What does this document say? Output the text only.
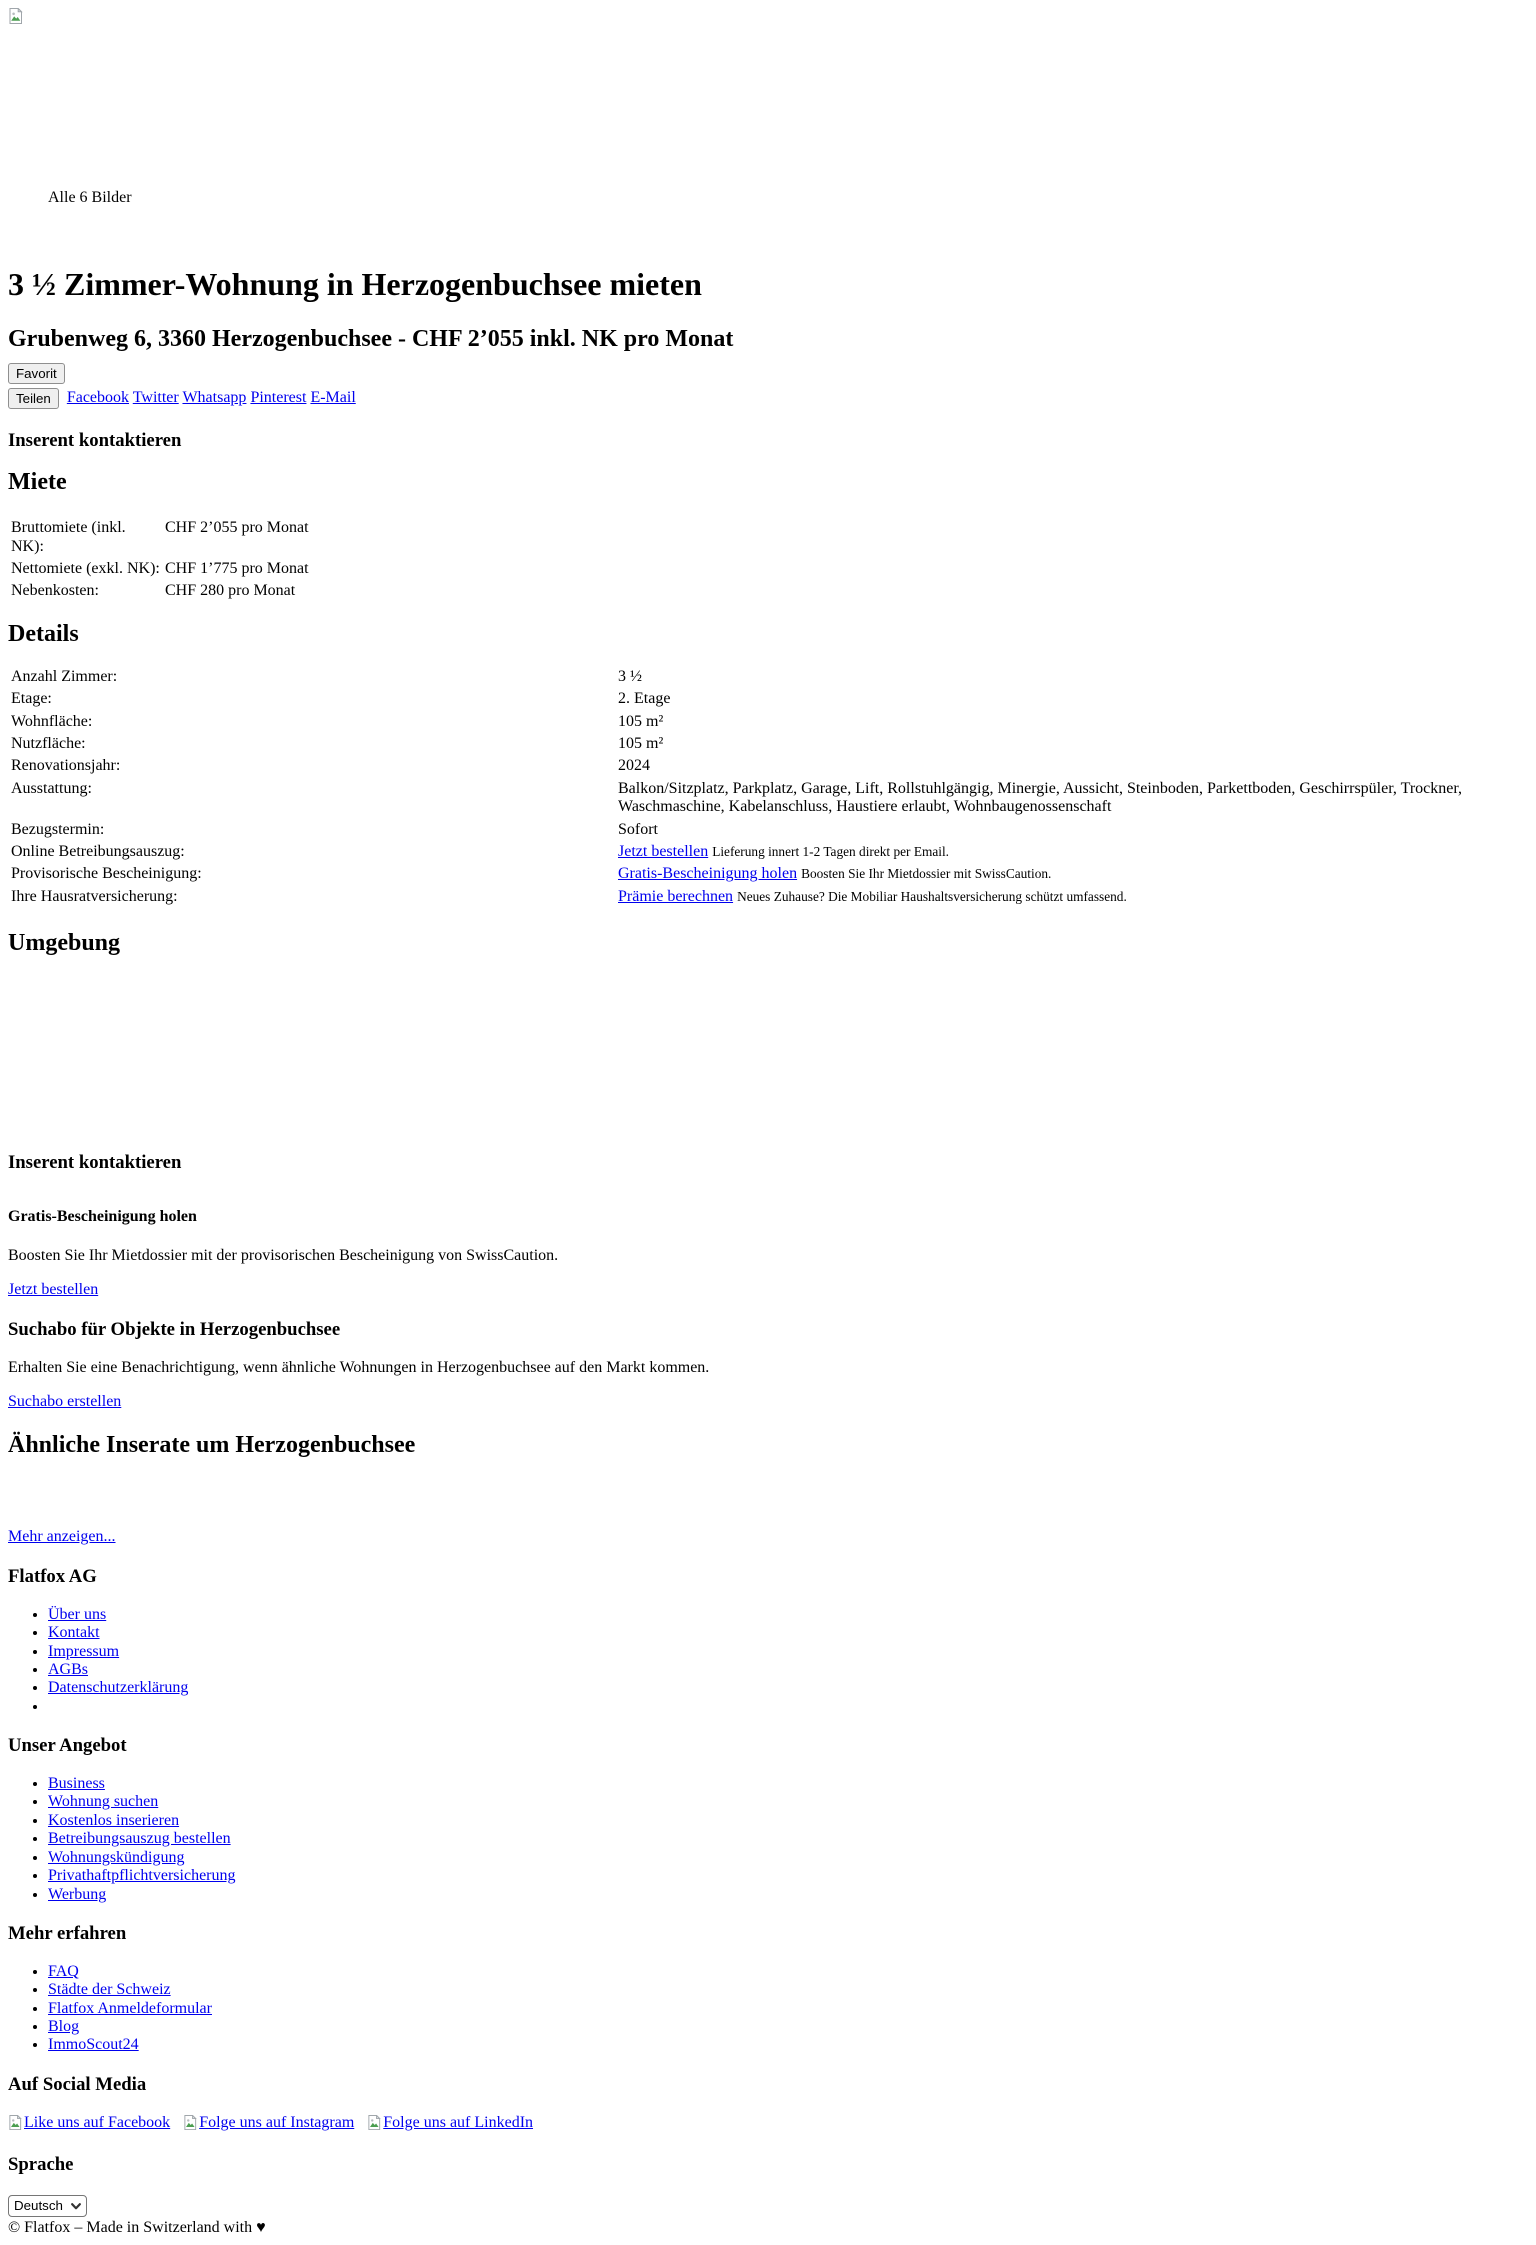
Alle 6 Bilder
3 ½ Zimmer-Wohnung in Herzogenbuchsee mieten
Grubenweg 6, 3360 Herzogenbuchsee - CHF 2’055 inkl. NK pro Monat
Favorit
Teilen Facebook Twitter Whatsapp Pinterest E-Mail
Inserent kontaktieren
Miete
Bruttomiete (inkl. NK):	CHF 2’055 pro Monat
Nettomiete (exkl. NK):	CHF 1’775 pro Monat
Nebenkosten:	CHF 280 pro Monat
Details
Anzahl Zimmer:	3 ½
Etage:	2. Etage
Wohnfläche:	105 m²
Nutzfläche:	105 m²
Renovationsjahr:	2024
Ausstattung:	Balkon/Sitzplatz, Parkplatz, Garage, Lift, Rollstuhlgängig, Minergie, Aussicht, Steinboden, Parkettboden, Geschirrspüler, Trockner, Waschmaschine, Kabelanschluss, Haustiere erlaubt, Wohnbaugenossenschaft
Bezugstermin:	Sofort
Online Betreibungsauszug:	Jetzt bestellen Lieferung innert 1-2 Tagen direkt per Email.
Provisorische Bescheinigung:	Gratis-Bescheinigung holen Boosten Sie Ihr Mietdossier mit SwissCaution.
Ihre Hausratversicherung:	Prämie berechnen Neues Zuhause? Die Mobiliar Haushaltsversicherung schützt umfassend.
Umgebung
Inserent kontaktieren
Gratis-Bescheinigung holen

Boosten Sie Ihr Mietdossier mit der provisorischen Bescheinigung von SwissCaution.

Jetzt bestellen

Suchabo für Objekte in Herzogenbuchsee

Erhalten Sie eine Benachrichtigung, wenn ähnliche Wohnungen in Herzogenbuchsee auf den Markt kommen.

Suchabo erstellen

Ähnliche Inserate um Herzogenbuchsee

Mehr anzeigen...

Flatfox AG
• Über uns
• Kontakt
• Impressum
• AGBs
• Datenschutzerklärung
•
Unser Angebot
• Business
• Wohnung suchen
• Kostenlos inserieren
• Betreibungsauszug bestellen
• Wohnungskündigung
• Privathaftpflichtversicherung
• Werbung
Mehr erfahren
• FAQ
• Städte der Schweiz
• Flatfox Anmeldeformular
• Blog
• ImmoScout24
Auf Social Media
Like uns auf Facebook Folge uns auf Instagram Folge uns auf LinkedIn
Sprache
Deutsch
© Flatfox – Made in Switzerland with ♥
